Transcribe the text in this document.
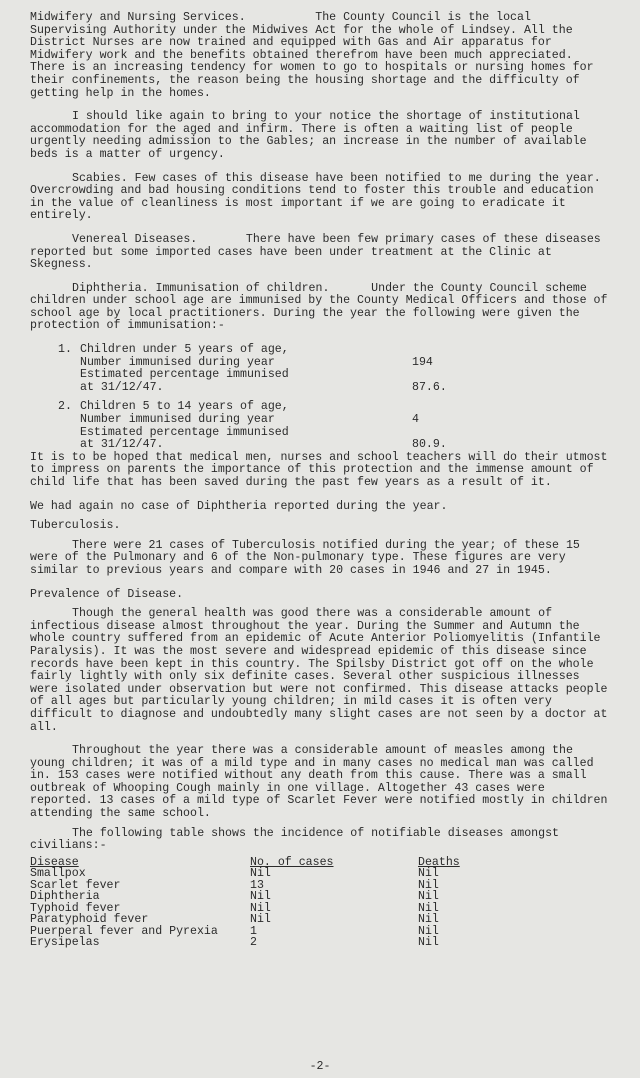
Midwifery and Nursing Services.          The County Council is the local Supervising Authority under the Midwives Act for the whole of Lindsey. All the District Nurses are now trained and equipped with Gas and Air apparatus for Midwifery work and the benefits obtained therefrom have been much appreciated. There is an increasing tendency for women to go to hospitals or nursing homes for their confinements, the reason being the housing shortage and the difficulty of getting help in the homes.

I should like again to bring to your notice the shortage of institutional accommodation for the aged and infirm. There is often a waiting list of people urgently needing admission to the Gables; an increase in the number of available beds is a matter of urgency.

Scabies. Few cases of this disease have been notified to me during the year. Overcrowding and bad housing conditions tend to foster this trouble and education in the value of cleanliness is most important if we are going to eradicate it entirely.

Venereal Diseases.       There have been few primary cases of these diseases reported but some imported cases have been under treatment at the Clinic at Skegness.

Diphtheria. Immunisation of children.      Under the County Council scheme children under school age are immunised by the County Medical Officers and those of school age by local practitioners. During the year the following were given the protection of immunisation:-

1. Children under 5 years of age,
Number immunised during year	194
Estimated percentage immunised
at 31/12/47.	87.6.
2. Children 5 to 14 years of age,
Number immunised during year	4
Estimated percentage immunised
at 31/12/47.	80.9.

It is to be hoped that medical men, nurses and school teachers will do their utmost to impress on parents the importance of this protection and the immense amount of child life that has been saved during the past few years as a result of it.

We had again no case of Diphtheria reported during the year.

Tuberculosis.

There were 21 cases of Tuberculosis notified during the year; of these 15 were of the Pulmonary and 6 of the Non-pulmonary type. These figures are very similar to previous years and compare with 20 cases in 1946 and 27 in 1945.

Prevalence of Disease.

Though the general health was good there was a considerable amount of infectious disease almost throughout the year. During the Summer and Autumn the whole country suffered from an epidemic of Acute Anterior Poliomyelitis (Infantile Paralysis). It was the most severe and widespread epidemic of this disease since records have been kept in this country. The Spilsby District got off on the whole fairly lightly with only six definite cases. Several other suspicious illnesses were isolated under observation but were not confirmed. This disease attacks people of all ages but particularly young children; in mild cases it is often very difficult to diagnose and undoubtedly many slight cases are not seen by a doctor at all.

Throughout the year there was a considerable amount of measles among the young children; it was of a mild type and in many cases no medical man was called in. 153 cases were notified without any death from this cause. There was a small outbreak of Whooping Cough mainly in one village. Altogether 43 cases were reported. 13 cases of a mild type of Scarlet Fever were notified mostly in children attending the same school.

The following table shows the incidence of notifiable diseases amongst civilians:-

Disease	No. of cases	Deaths
Smallpox	Nil	Nil
Scarlet fever	13	Nil
Diphtheria	Nil	Nil
Typhoid fever	Nil	Nil
Paratyphoid fever	Nil	Nil
Puerperal fever and Pyrexia	1	Nil
Erysipelas	2	Nil
-2-
